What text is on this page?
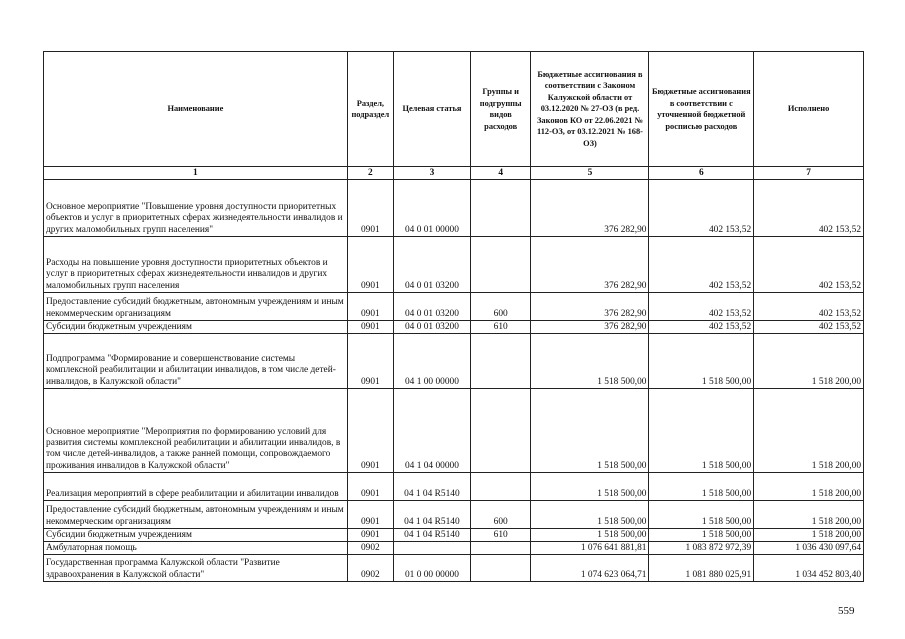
Наименование	Раздел, подраздел	Целевая статья	Группы и подгруппы видов расходов	Бюджетные ассигнования в соответствии с Законом Калужской области от 03.12.2020 № 27-ОЗ (в ред. Законов КО от 22.06.2021 № 112-ОЗ, от 03.12.2021 № 168-ОЗ)	Бюджетные ассигнования в соответствии с уточненной бюджетной росписью расходов	Исполнено
1	2	3	4	5	6	7
Основное мероприятие "Повышение уровня доступности приоритетных объектов и услуг в приоритетных сферах жизнедеятельности инвалидов и других маломобильных групп населения"	0901	04 0 01 00000		376 282,90	402 153,52	402 153,52
Расходы на повышение уровня доступности приоритетных объектов и услуг в приоритетных сферах жизнедеятельности инвалидов и других маломобильных групп населения	0901	04 0 01 03200		376 282,90	402 153,52	402 153,52
Предоставление субсидий бюджетным, автономным учреждениям и иным некоммерческим организациям	0901	04 0 01 03200	600	376 282,90	402 153,52	402 153,52
Субсидии бюджетным учреждениям	0901	04 0 01 03200	610	376 282,90	402 153,52	402 153,52
Подпрограмма "Формирование и совершенствование системы комплексной реабилитации и абилитации инвалидов, в том числе детей-инвалидов, в Калужской области"	0901	04 1 00 00000		1 518 500,00	1 518 500,00	1 518 200,00
Основное мероприятие "Мероприятия по формированию условий для развития системы комплексной реабилитации и абилитации инвалидов, в том числе детей-инвалидов, а также ранней помощи, сопровождаемого проживания инвалидов в Калужской области"	0901	04 1 04 00000		1 518 500,00	1 518 500,00	1 518 200,00
Реализация мероприятий в сфере реабилитации и абилитации инвалидов	0901	04 1 04 R5140		1 518 500,00	1 518 500,00	1 518 200,00
Предоставление субсидий бюджетным, автономным учреждениям и иным некоммерческим организациям	0901	04 1 04 R5140	600	1 518 500,00	1 518 500,00	1 518 200,00
Субсидии бюджетным учреждениям	0901	04 1 04 R5140	610	1 518 500,00	1 518 500,00	1 518 200,00
Амбулаторная помощь	0902			1 076 641 881,81	1 083 872 972,39	1 036 430 097,64
Государственная программа Калужской области "Развитие здравоохранения в Калужской области"	0902	01 0 00 00000		1 074 623 064,71	1 081 880 025,91	1 034 452 803,40
559
